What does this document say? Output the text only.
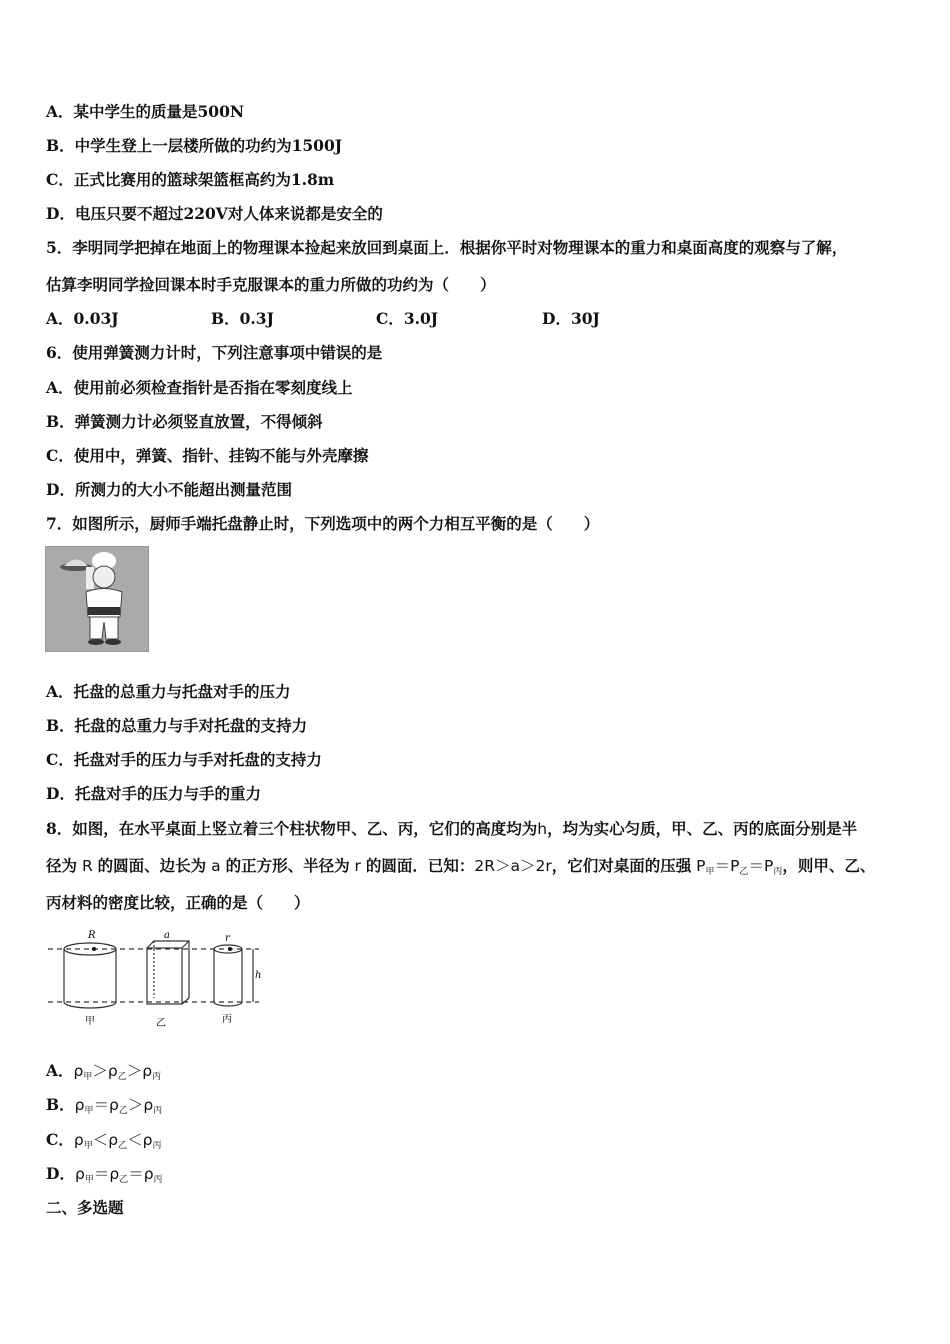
A．某中学生的质量是500N
B．中学生登上一层楼所做的功约为1500J
C．正式比赛用的篮球架篮框高约为1.8m
D．电压只要不超过220V对人体来说都是安全的
5．李明同学把掉在地面上的物理课本捡起来放回到桌面上．根据你平时对物理课本的重力和桌面高度的观察与了解，
估算李明同学捡回课本时手克服课本的重力所做的功约为（　　）
A．0.03J	B．0.3J	C．3.0J	D．30J
6．使用弹簧测力计时，下列注意事项中错误的是
A．使用前必须检查指针是否指在零刻度线上
B．弹簧测力计必须竖直放置，不得倾斜
C．使用中，弹簧、指针、挂钩不能与外壳摩擦
D．所测力的大小不能超出测量范围
7．如图所示，厨师手端托盘静止时，下列选项中的两个力相互平衡的是（　　）
A．托盘的总重力与托盘对手的压力
B．托盘的总重力与手对托盘的支持力
C．托盘对手的压力与手对托盘的支持力
D．托盘对手的压力与手的重力
8．如图，在水平桌面上竖立着三个柱状物甲、乙、丙，它们的高度均为h，均为实心匀质，甲、乙、丙的底面分别是半
径为 R 的圆面、边长为 a 的正方形、半径为 r 的圆面．已知：2R＞a＞2r，它们对桌面的压强 $P_甲=P_乙=P_丙$，则甲、乙、
丙材料的密度比较，正确的是（　　）
R	a	r
h
甲	乙	丙
A．$\rho_甲>\rho_乙>\rho_丙$
B．$\rho_甲=\rho_乙>\rho_丙$
C．$\rho_甲<\rho_乙<\rho_丙$
D．$\rho_甲=\rho_乙=\rho_丙$
二、多选题
